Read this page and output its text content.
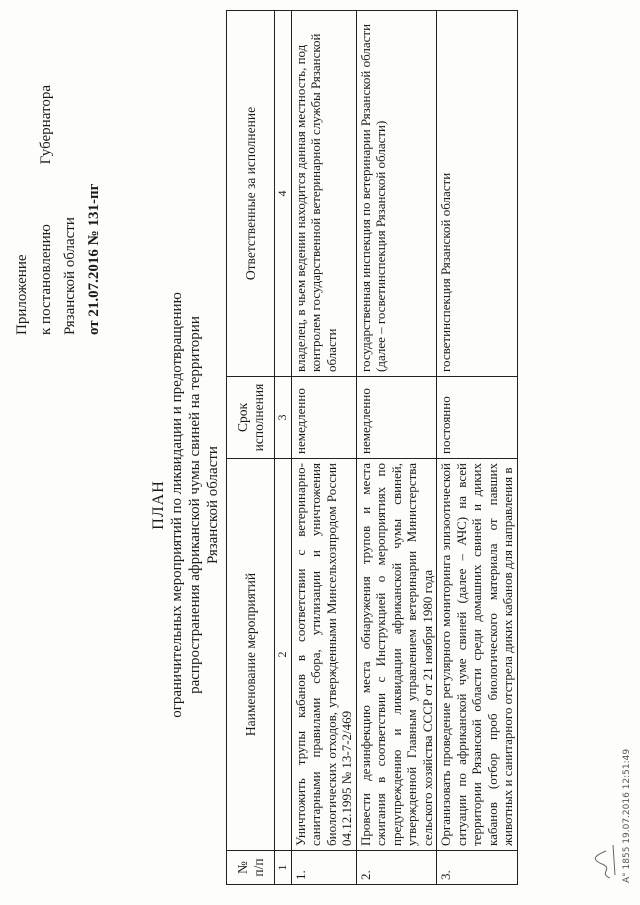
Приложение к постановлению
Губернатора
Рязанской области от 21.07.2016 № 131-пг
ПЛАН ограничительных мероприятий по ликвидации и предотвращению распространения африканской чумы свиней на территории Рязанской области
№ п/п	Наименование мероприятий	Срок исполнения	Ответственные за исполнение
1	2	3	4
1.	Уничтожить трупы кабанов в соответствии с ветеринарно-санитарными правилами сбора, утилизации и уничтожения биологических отходов, утвержденными Минсельхозпродом России 04.12.1995 № 13-7-2/469	немедленно	владелец, в чьем ведении находится данная местность, под контролем государственной ветеринарной службы Рязанской области
2.	Провести дезинфекцию места обнаружения трупов и места сжигания в соответствии с Инструкцией о мероприятиях по предупреждению и ликвидации африканской чумы свиней, утвержденной Главным управлением ветеринарии Министерства сельского хозяйства СССР от 21 ноября 1980 года	немедленно	государственная инспекция по ветеринарии Рязанской области (далее – госветинспекция Рязанской области)
3.	Организовать проведение регулярного мониторинга эпизоотической ситуации по африканской чуме свиней (далее – АЧС) на всей территории Рязанской области среди домашних свиней и диких кабанов (отбор проб биологического материала от павших животных и санитарного отстрела диких кабанов для направления в	постоянно	госветинспекция Рязанской области
А° 1855 19.07.2016 12:51:49
